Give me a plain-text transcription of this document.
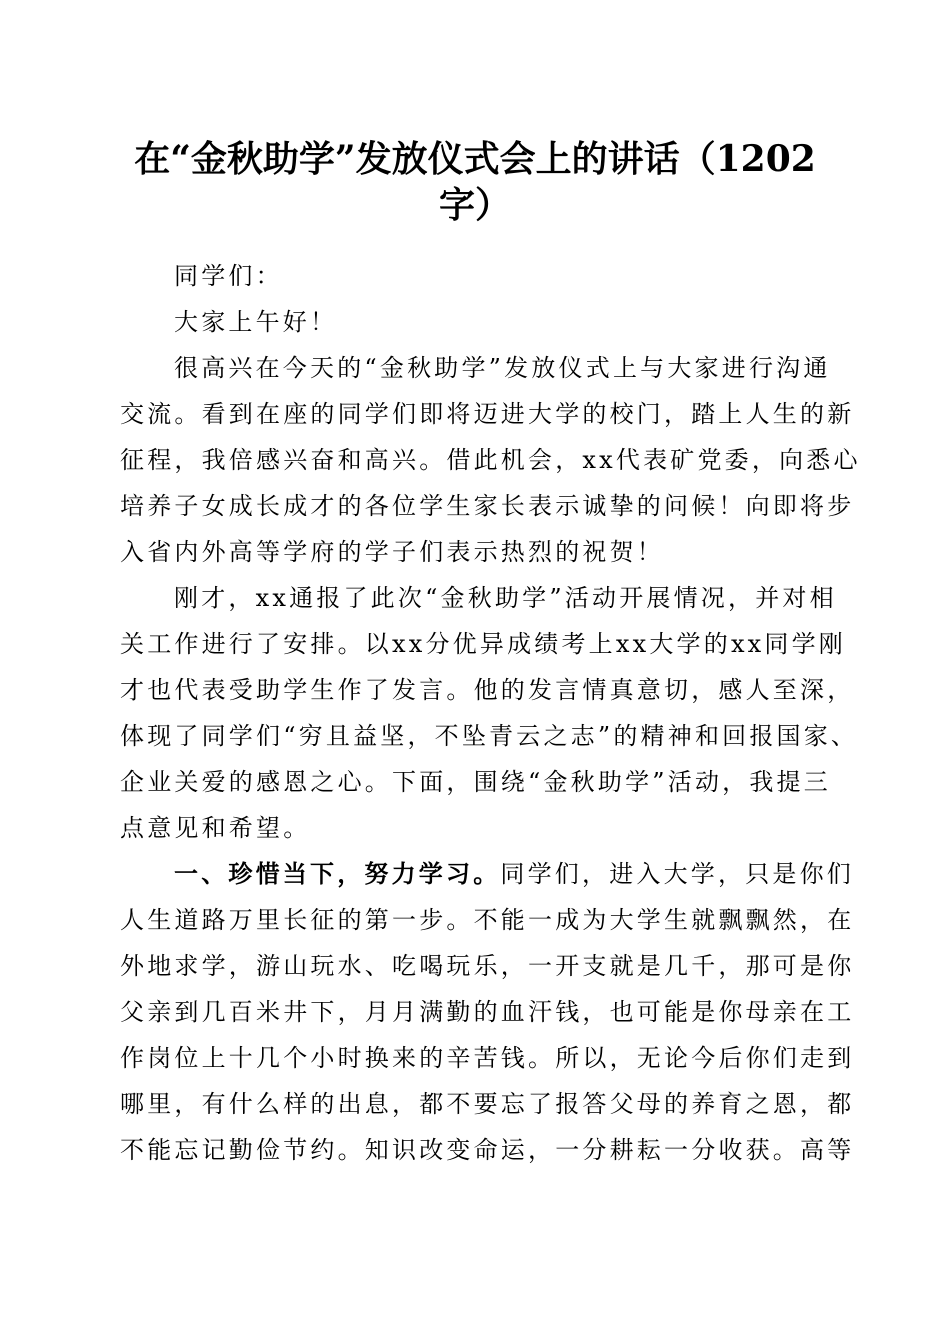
在“金秋助学”发放仪式会上的讲话（1202
字）
同学们：
大家上午好！
很高兴在今天的“金秋助学”发放仪式上与大家进行沟通
交流。看到在座的同学们即将迈进大学的校门，踏上人生的新
征程，我倍感兴奋和高兴。借此机会，xx代表矿党委，向悉心
培养子女成长成才的各位学生家长表示诚挚的问候！向即将步
入省内外高等学府的学子们表示热烈的祝贺！
刚才，xx通报了此次“金秋助学”活动开展情况，并对相
关工作进行了安排。以xx分优异成绩考上xx大学的xx同学刚
才也代表受助学生作了发言。他的发言情真意切，感人至深，
体现了同学们“穷且益坚，不坠青云之志”的精神和回报国家、
企业关爱的感恩之心。下面，围绕“金秋助学”活动，我提三
点意见和希望。
一、珍惜当下，努力学习。同学们，进入大学，只是你们
人生道路万里长征的第一步。不能一成为大学生就飘飘然，在
外地求学，游山玩水、吃喝玩乐，一开支就是几千，那可是你
父亲到几百米井下，月月满勤的血汗钱，也可能是你母亲在工
作岗位上十几个小时换来的辛苦钱。所以，无论今后你们走到
哪里，有什么样的出息，都不要忘了报答父母的养育之恩，都
不能忘记勤俭节约。知识改变命运，一分耕耘一分收获。高等
